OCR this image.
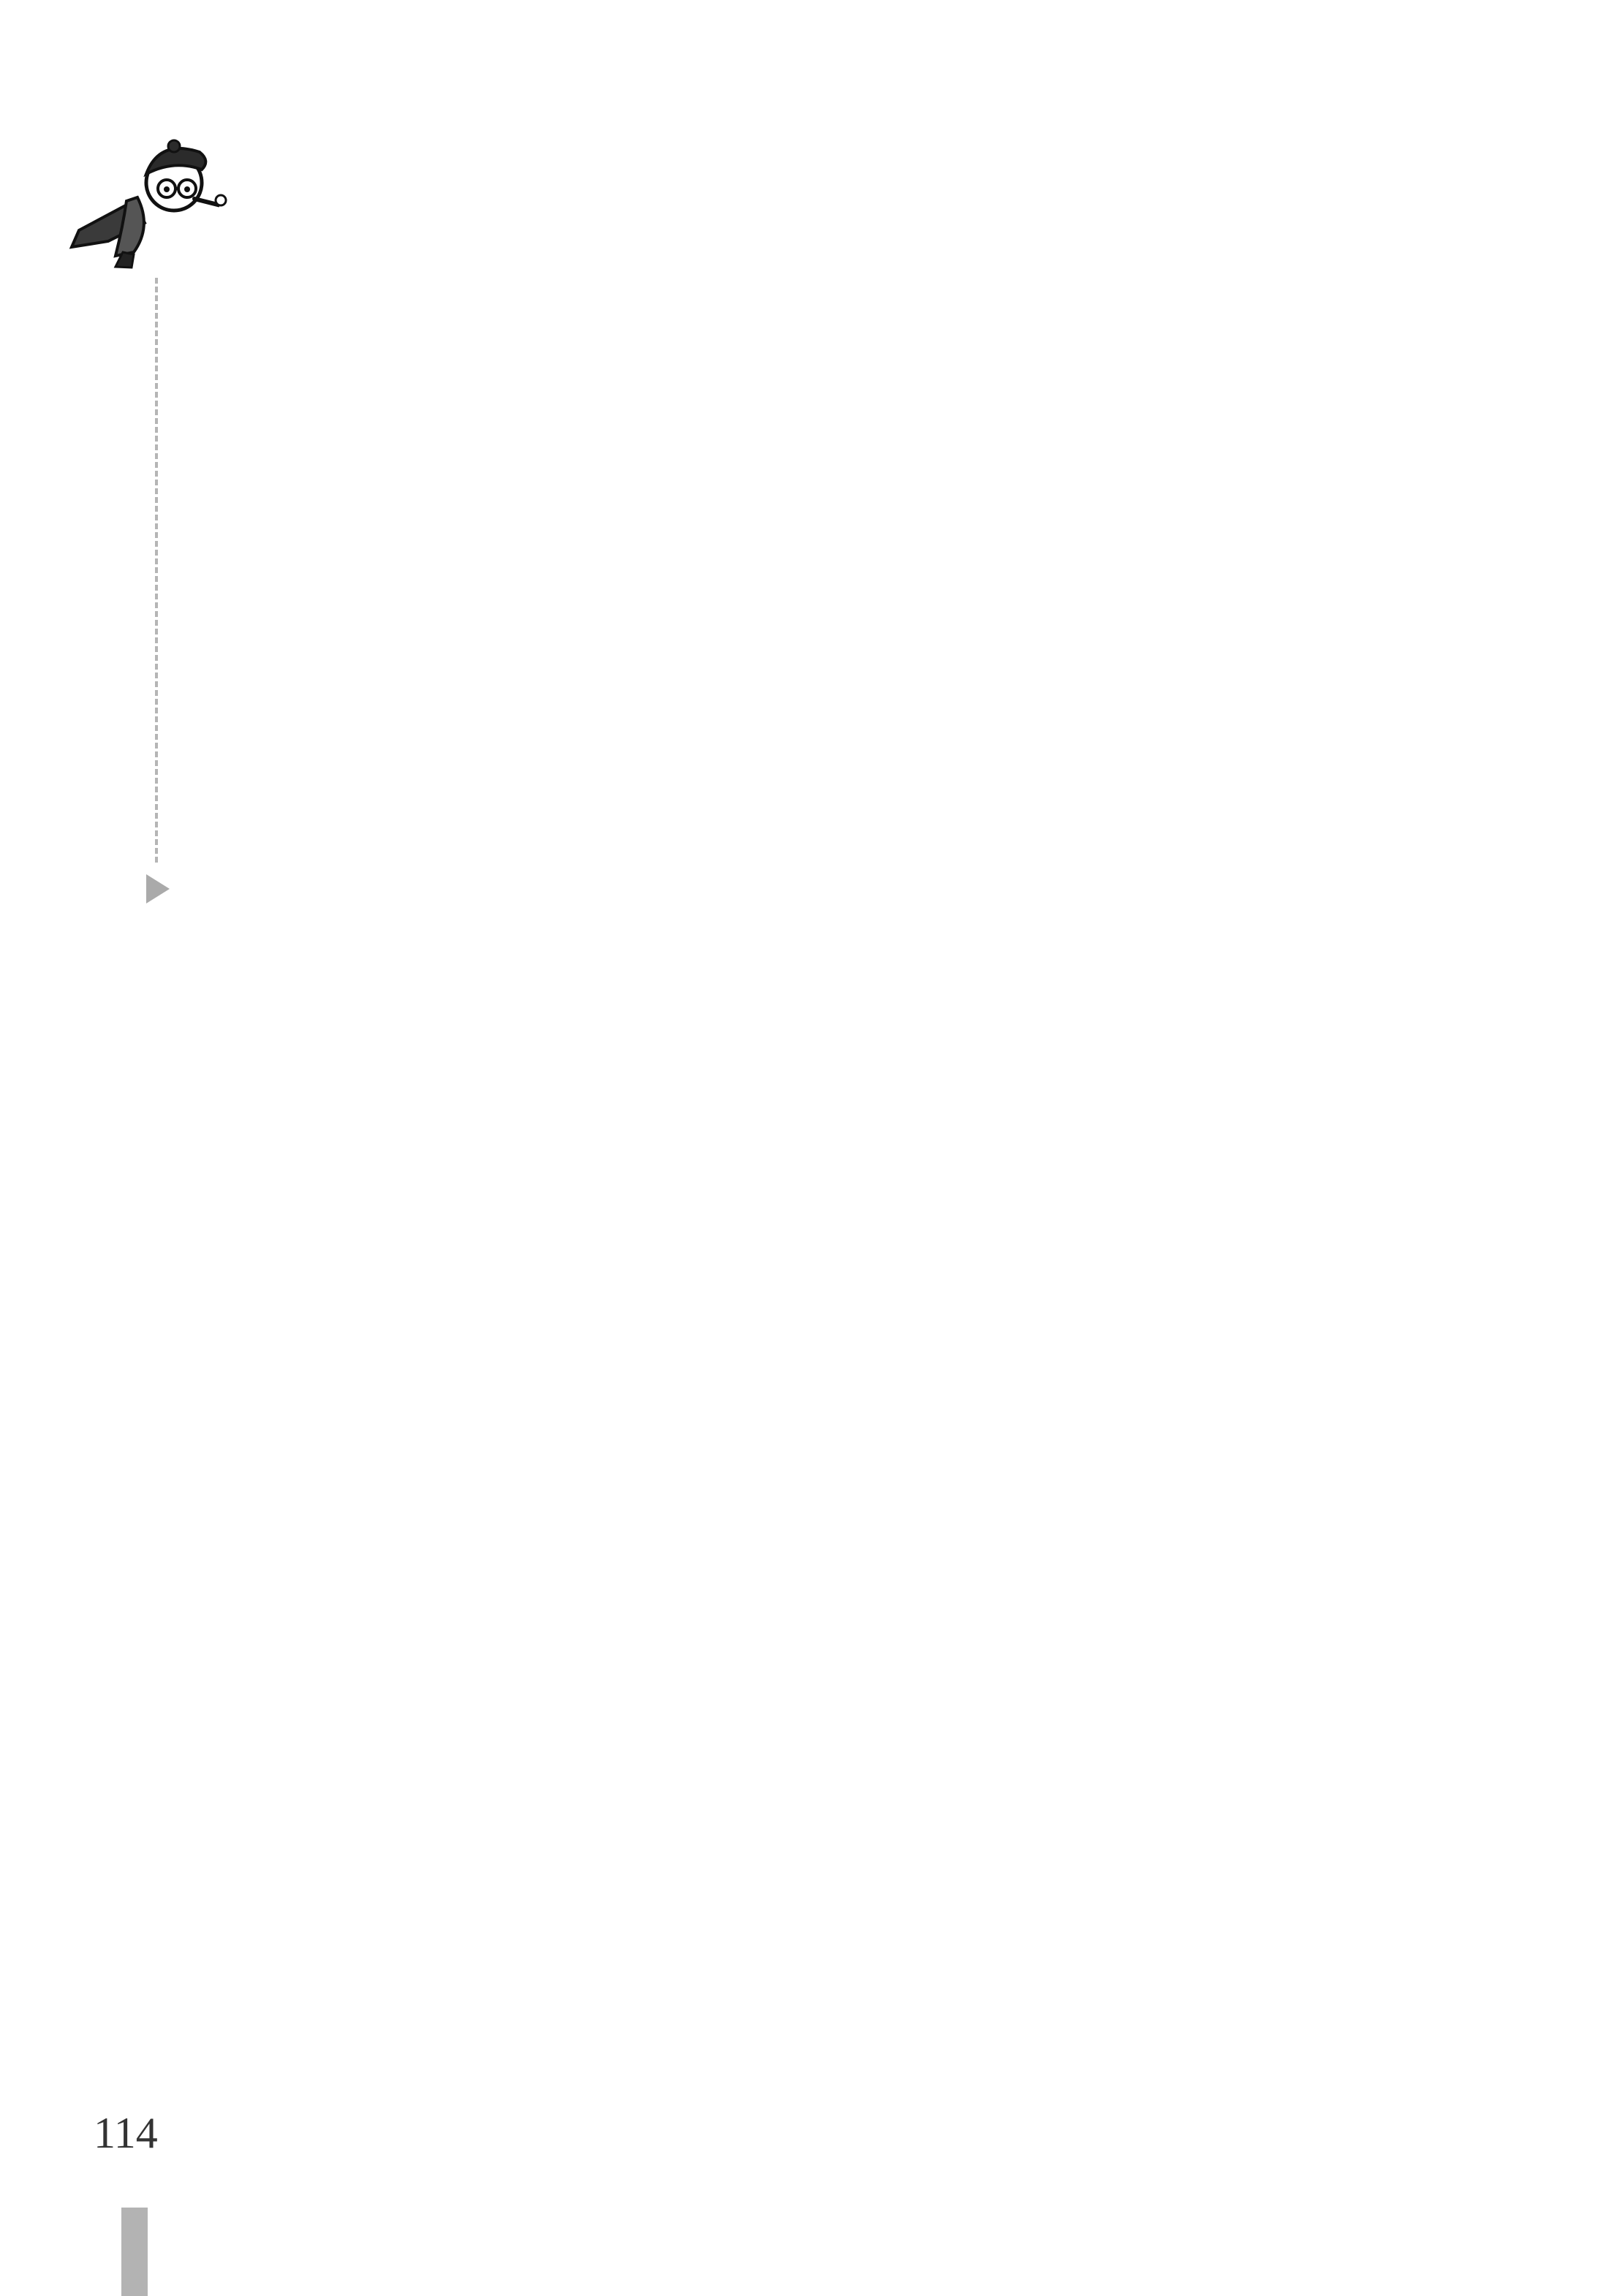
114
